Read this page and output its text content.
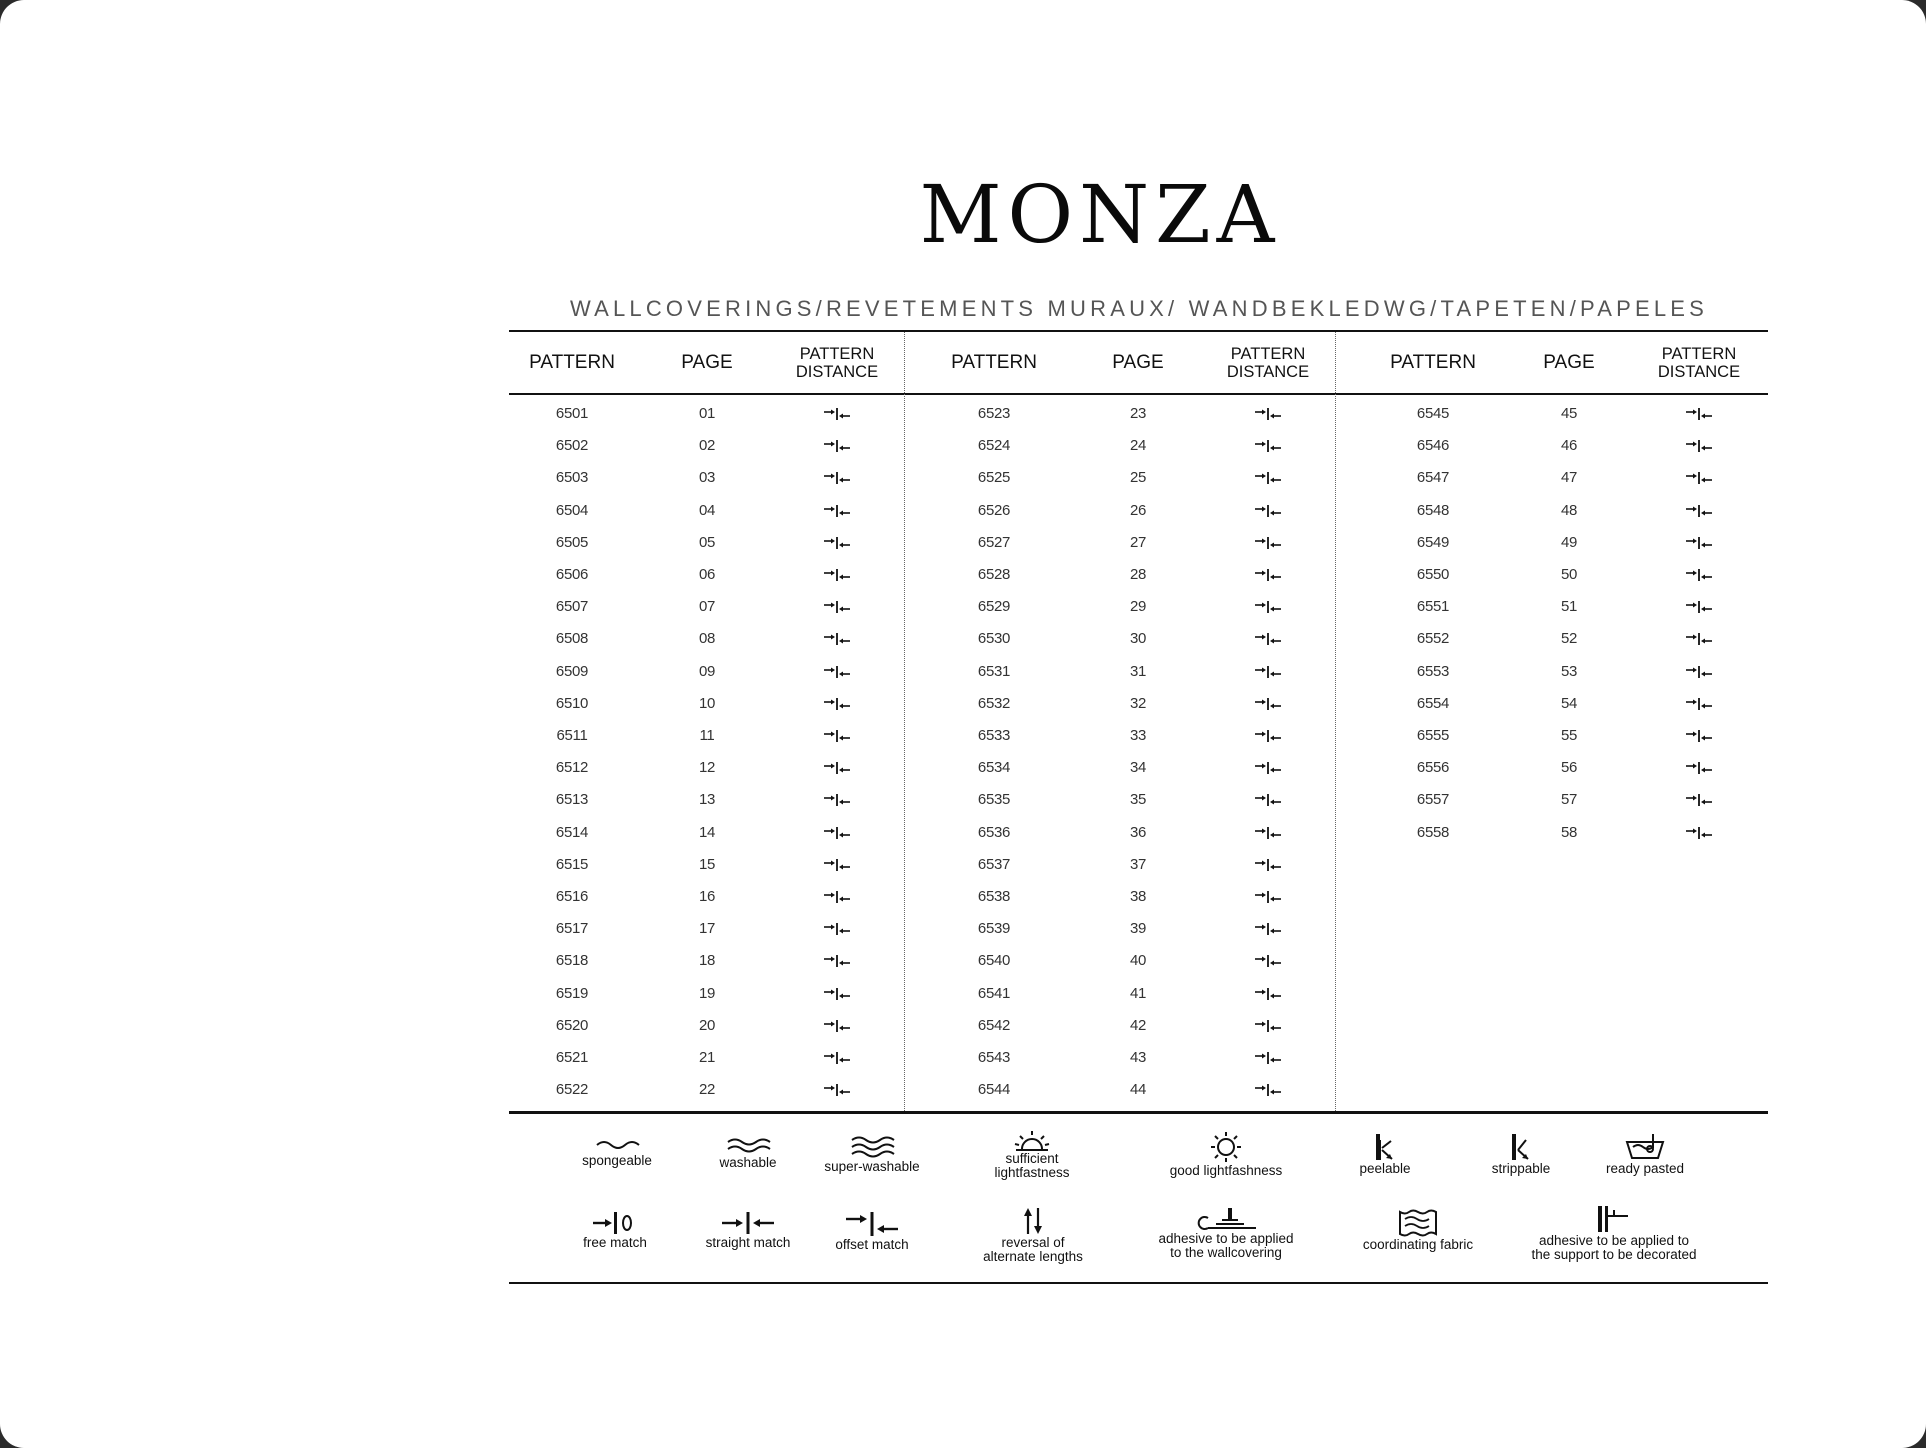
MONZA
WALLCOVERINGS/REVETEMENTS MURAUX/ WANDBEKLEDWG/TAPETEN/PAPELES
PATTERN	PAGE	PATTERN
DISTANCE
6501	01
6502	02
6503	03
6504	04
6505	05
6506	06
6507	07
6508	08
6509	09
6510	10
6511	11
6512	12
6513	13
6514	14
6515	15
6516	16
6517	17
6518	18
6519	19
6520	20
6521	21
6522	22
PATTERN	PAGE	PATTERN
DISTANCE
6523	23
6524	24
6525	25
6526	26
6527	27
6528	28
6529	29
6530	30
6531	31
6532	32
6533	33
6534	34
6535	35
6536	36
6537	37
6538	38
6539	39
6540	40
6541	41
6542	42
6543	43
6544	44
PATTERN	PAGE	PATTERN
DISTANCE
6545	45
6546	46
6547	47
6548	48
6549	49
6550	50
6551	51
6552	52
6553	53
6554	54
6555	55
6556	56
6557	57
6558	58
spongeable	washable	super-washable
sufficient
lightfastness	good lightfashness	peelable	strippable	ready pasted
free match	straight match	offset match	reversal of
alternate lengths
adhesive to be applied
to the wallcovering
coordinating fabric	adhesive to be applied to
the support to be decorated
